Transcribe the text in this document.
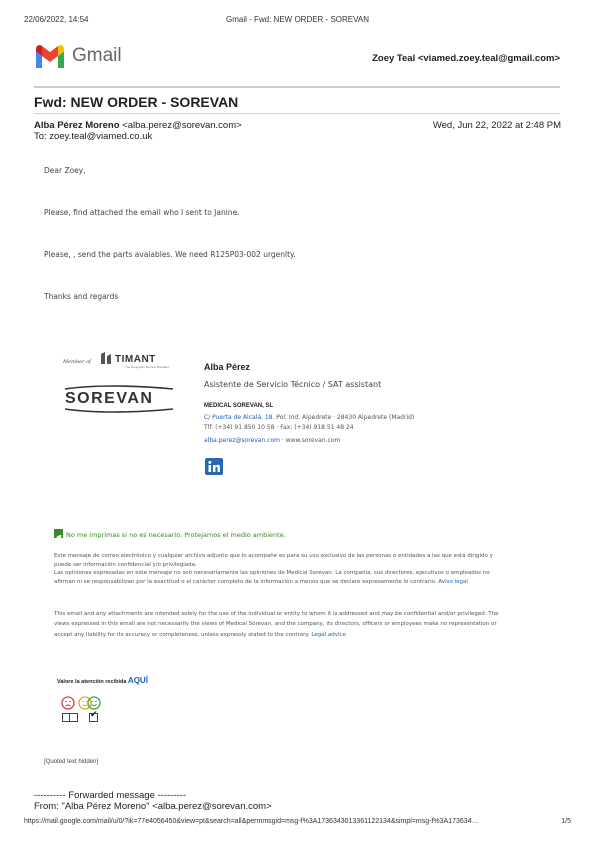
22/06/2022, 14:54	Gmail - Fwd: NEW ORDER - SOREVAN
Gmail	Zoey Teal <viamed.zoey.teal@gmail.com>
Fwd: NEW ORDER - SOREVAN
Alba Pérez Moreno <alba.perez@sorevan.com>	Wed, Jun 22, 2022 at 2:48 PM
To: zoey.teal@viamed.co.uk
Dear Zoey,
Please, find attached the email who I sent to Janine.
Please, , send the parts avaiables. We need R125P03-002 urgenlty.
Thanks and regards
Member of TIMANT
The Hungarian Service Standard
SOREVAN
Alba Pérez
Asistente de Servicio Técnico / SAT assistant
MEDICAL SOREVAN, SL
C/ Puerta de Alcalá, 18. Pol. Ind. Alpedrete · 28430 Alpedrete (Madrid)
Tlf: (+34) 91 850 10 58 · Fax: (+34) 918 51 48 24
alba.perez@sorevan.com · www.sorevan.com
No me imprimas si no es necesario. Protejamos el medio ambiente.
Este mensaje de correo electrónico y cualquier archivo adjunto que lo acompañe es para su uso exclusivo de las personas o entidades a las que está dirigido y
puede ser información confidencial y/o privilegiada.
Las opiniones expresadas en este mensaje no son necesariamente las opiniones de Medical Sorevan. La compañía, sus directores, ejecutivos o empleados no
afirman ni se responsabilizan por la exactitud o el carácter completo de la información a menos que se declare expresamente lo contrario. Aviso legal
This email and any attachments are intended solely for the use of the individual or entity to whom it is addressed and may be confidential and/or privileged. The
views expressed in this email are not necessarily the views of Medical Sorevan, and the company, its directors, officers or employees make no representation or
accept any liability for its accuracy or completeness, unless expressly stated to the contrary. Legal advice
Valore la atención recibida AQUÍ
✔
[Quoted text hidden]
---------- Forwarded message ---------
From: "Alba Pérez Moreno" <alba.perez@sorevan.com>
https://mail.google.com/mail/u/0/?ik=77e4056450&view=pt&search=all&permmsgid=msg-f%3A1736343013361122134&simpl=msg-f%3A173634…	1/5
